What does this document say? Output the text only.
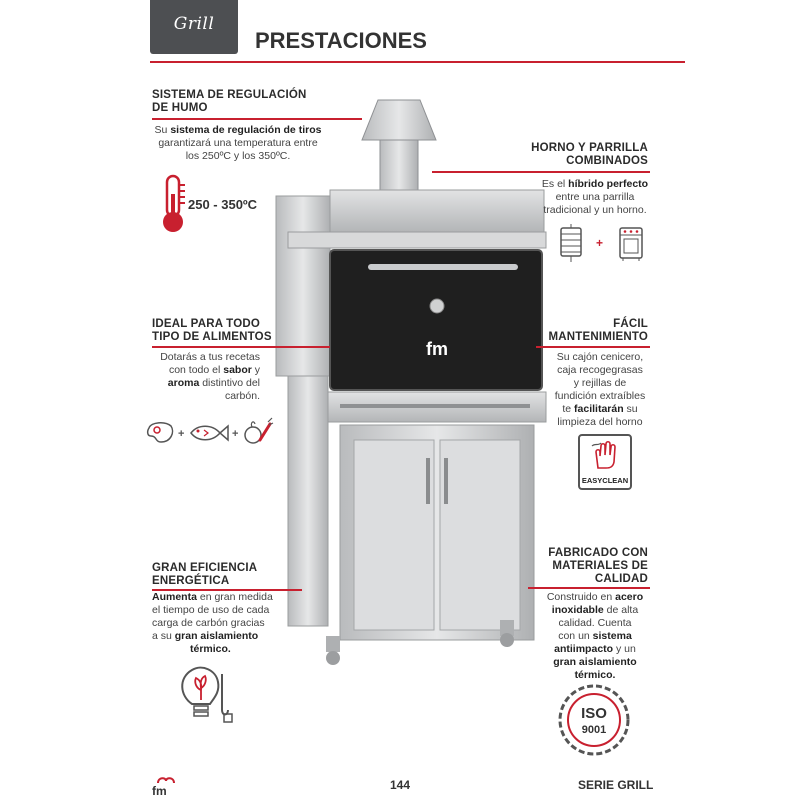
Grill
PRESTACIONES
fm
SISTEMA DE REGULACIÓN
DE HUMO
Su sistema de regulación de tiros
garantizará una temperatura entre
los 250ºC y los 350ºC.
250 - 350ºC
HORNO Y PARRILLA
COMBINADOS
Es el híbrido perfecto
entre una parrilla
tradicional y un horno.
+
IDEAL PARA TODO
TIPO DE ALIMENTOS
Dotarás a tus recetas
con todo el sabor y
aroma distintivo del
carbón.
+	+
FÁCIL
MANTENIMIENTO
Su cajón cenicero,
caja recogegrasas
y rejillas de
fundición extraíbles
te facilitarán su
limpieza del horno
EASYCLEAN
GRAN EFICIENCIA
ENERGÉTICA
Aumenta en gran medida
el tiempo de uso de cada
carga de carbón gracias
a su gran aislamiento
térmico.
FABRICADO CON
MATERIALES DE
CALIDAD
Construido en acero
inoxidable de alta
calidad. Cuenta
con un sistema
antiimpacto y un
gran aislamiento
térmico.
ISO
9001
fm	144	SERIE GRILL
